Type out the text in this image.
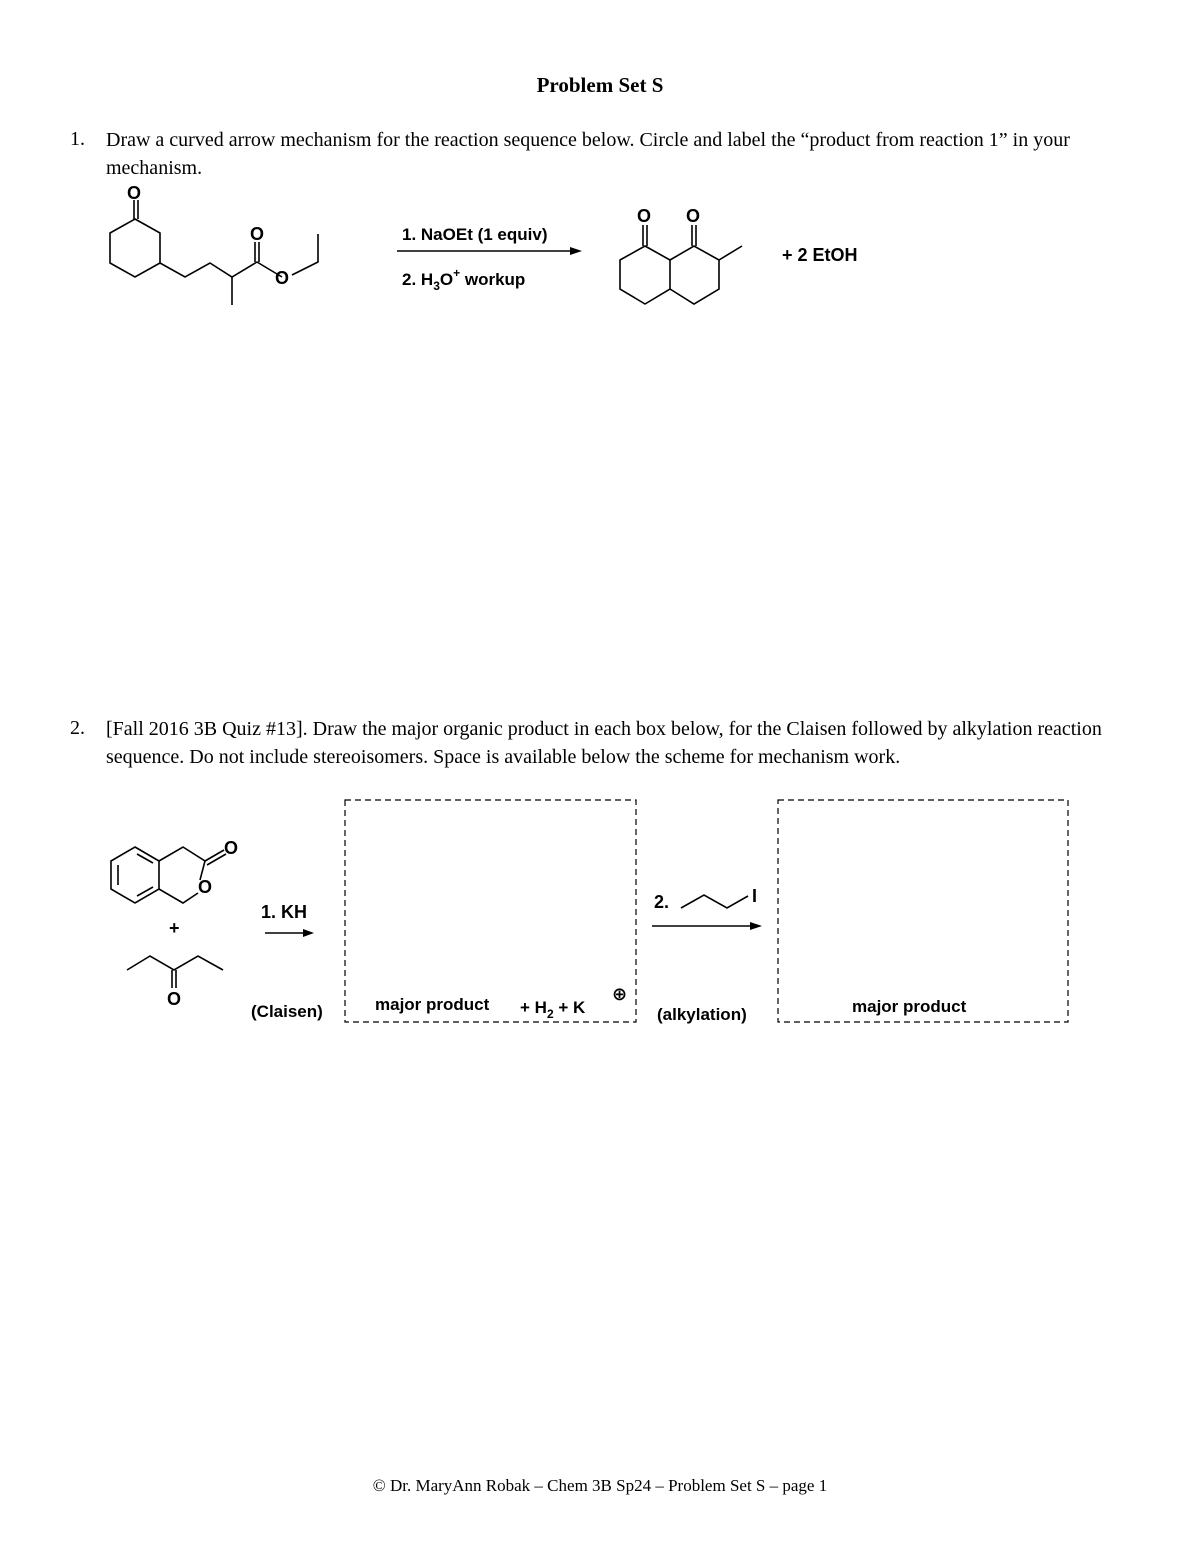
Problem Set S
1. Draw a curved arrow mechanism for the reaction sequence below. Circle and label the “product from reaction 1” in your mechanism.
O
O
O
1. NaOEt (1 equiv)
2. $H_3O^+$ workup
O O
+ 2 EtOH
2. [Fall 2016 3B Quiz #13]. Draw the major organic product in each box below, for the Claisen followed by alkylation reaction sequence. Do not include stereoisomers. Space is available below the scheme for mechanism work.
O
O
+
O
1. KH
(Claisen)	major product + $H_2 + K$
⊕
2.	I
(alkylation)	major product
© Dr. MaryAnn Robak – Chem 3B Sp24 – Problem Set S – page 1
